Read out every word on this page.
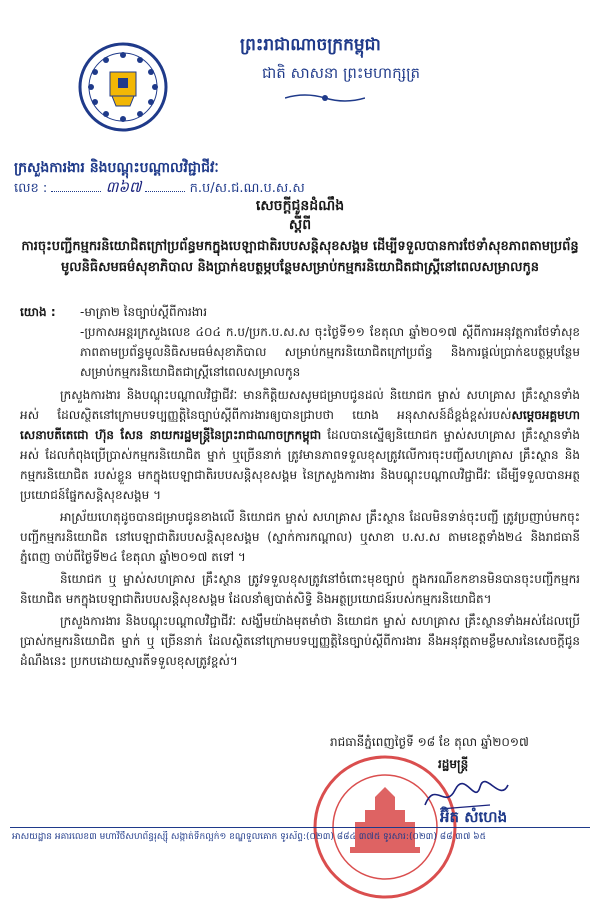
ព្រះរាជាណាចក្រកម្ពុជា
ជាតិ សាសនា ព្រះមហាក្សត្រ
ក្រសួងការងារ និងបណ្តុះបណ្តាលវិជ្ជាជីវៈ
លេខ :	៣៦៧	ក.ប/ស.ជ.ណ.ប.ស.ស
សេចក្តីជូនដំណឹង
ស្តីពី
ការចុះបញ្ជីកម្មករនិយោជិតក្រៅប្រព័ន្ធមកក្នុងបេឡាជាតិរបបសន្តិសុខសង្គម ដើម្បីទទួលបានការថែទាំសុខភាពតាមប្រព័ន្ធមូលនិធិសមធម៌សុខាភិបាល និងប្រាក់ឧបត្ថម្ភបន្ថែមសម្រាប់កម្មករនិយោជិតជាស្ត្រីនៅពេលសម្រាលកូន
យោង :	-មាត្រា២ នៃច្បាប់ស្តីពីការងារ

-ប្រកាសអន្តរក្រសួងលេខ ៤០៤ ក.ប/ប្រក.ប.ស.ស ចុះថ្ងៃទី១១ ខែតុលា ឆ្នាំ២០១៧ ស្តីពីការអនុវត្តការថែទាំសុខភាពតាមប្រព័ន្ធមូលនិធិសមធម៌សុខាភិបាល សម្រាប់កម្មករនិយោជិតក្រៅប្រព័ន្ធ និងការផ្តល់ប្រាក់ឧបត្ថម្ភបន្ថែមសម្រាប់កម្មករនិយោជិតជាស្ត្រីនៅពេលសម្រាលកូន

ក្រសួងការងារ និងបណ្តុះបណ្តាលវិជ្ជាជីវៈ មានកិត្តិយសសូមជម្រាបជូនដល់ និយោជក ម្ចាស់ សហគ្រាស គ្រឹះស្ថានទាំងអស់ ដែលស្ថិតនៅក្រោមបទប្បញ្ញត្តិនៃច្បាប់ស្តីពីការងារឲ្យបានជ្រាបថា យោង អនុសាសន៍ដ៏ខ្ពង់ខ្ពស់របស់សម្តេចអគ្គមហាសេនាបតីតេជោ ហ៊ុន សែន នាយករដ្ឋមន្ត្រីនៃព្រះរាជាណាចក្រកម្ពុជា ដែលបានស្នើឲ្យនិយោជក ម្ចាស់សហគ្រាស គ្រឹះស្ថានទាំងអស់ ដែលកំពុងប្រើប្រាស់កម្មករនិយោជិត ម្នាក់ ឬច្រើននាក់ ត្រូវមានភាពទទួលខុសត្រូវលើការចុះបញ្ជីសហគ្រាស គ្រឹះស្ថាន និងកម្មករនិយោជិត របស់ខ្លួន មកក្នុងបេឡាជាតិរបបសន្តិសុខសង្គម នៃក្រសួងការងារ និងបណ្តុះបណ្តាលវិជ្ជាជីវៈ ដើម្បីទទួលបានអត្ថប្រយោជន៍ផ្នែកសន្តិសុខសង្គម ។

អាស្រ័យហេតុដូចបានជម្រាបជូនខាងលើ និយោជក ម្ចាស់ សហគ្រាស គ្រឹះស្ថាន ដែលមិនទាន់ចុះបញ្ជី ត្រូវប្រញាប់មកចុះបញ្ជីកម្មករនិយោជិត នៅបេឡាជាតិរបបសន្តិសុខសង្គម (ស្នាក់ការកណ្តាល) ឬសាខា ប.ស.ស តាមខេត្តទាំង២៤ និងរាជធានីភ្នំពេញ ចាប់ពីថ្ងៃទី២៤ ខែតុលា ឆ្នាំ២០១៧ តទៅ ។

និយោជក ឬ ម្ចាស់សហគ្រាស គ្រឹះស្ថាន ត្រូវទទួលខុសត្រូវនៅចំពោះមុខច្បាប់ ក្នុងករណីខកខានមិនបានចុះបញ្ជីកម្មករនិយោជិត មកក្នុងបេឡាជាតិរបបសន្តិសុខសង្គម ដែលនាំឲ្យបាត់សិទ្ធិ និងអត្ថប្រយោជន៍របស់កម្មករនិយោជិត។

ក្រសួងការងារ និងបណ្តុះបណ្តាលវិជ្ជាជីវៈ សង្ឃឹមយ៉ាងមុតមាំថា និយោជក ម្ចាស់ សហគ្រាស គ្រឹះស្ថានទាំងអស់ដែលប្រើប្រាស់កម្មករនិយោជិត ម្នាក់ ឬ ច្រើននាក់ ដែលស្ថិតនៅក្រោមបទប្បញ្ញត្តិនៃច្បាប់ស្តីពីការងារ នឹងអនុវត្តតាមខ្លឹមសារនៃសេចក្តីជូនដំណឹងនេះ ប្រកបដោយស្មារតីទទួលខុសត្រូវខ្ពស់។

រាជធានីភ្នំពេញថ្ងៃទី ១៨ ខែ តុលា ឆ្នាំ២០១៧
រដ្ឋមន្ត្រី
អ៊ិត សំហេង
អាសយដ្ឋាន អគារលេខ៣ មហាវិថីសហព័ន្ធរុស្ស៊ី សង្កាត់ទឹកល្អក់១ ខណ្ឌទួលគោក ទូរស័ព្ទ:(០២៣) ៨៨៤ ៣៧៥ ទូរសារ:(០២៣) ៨៨ ៣៧ ៦៥
